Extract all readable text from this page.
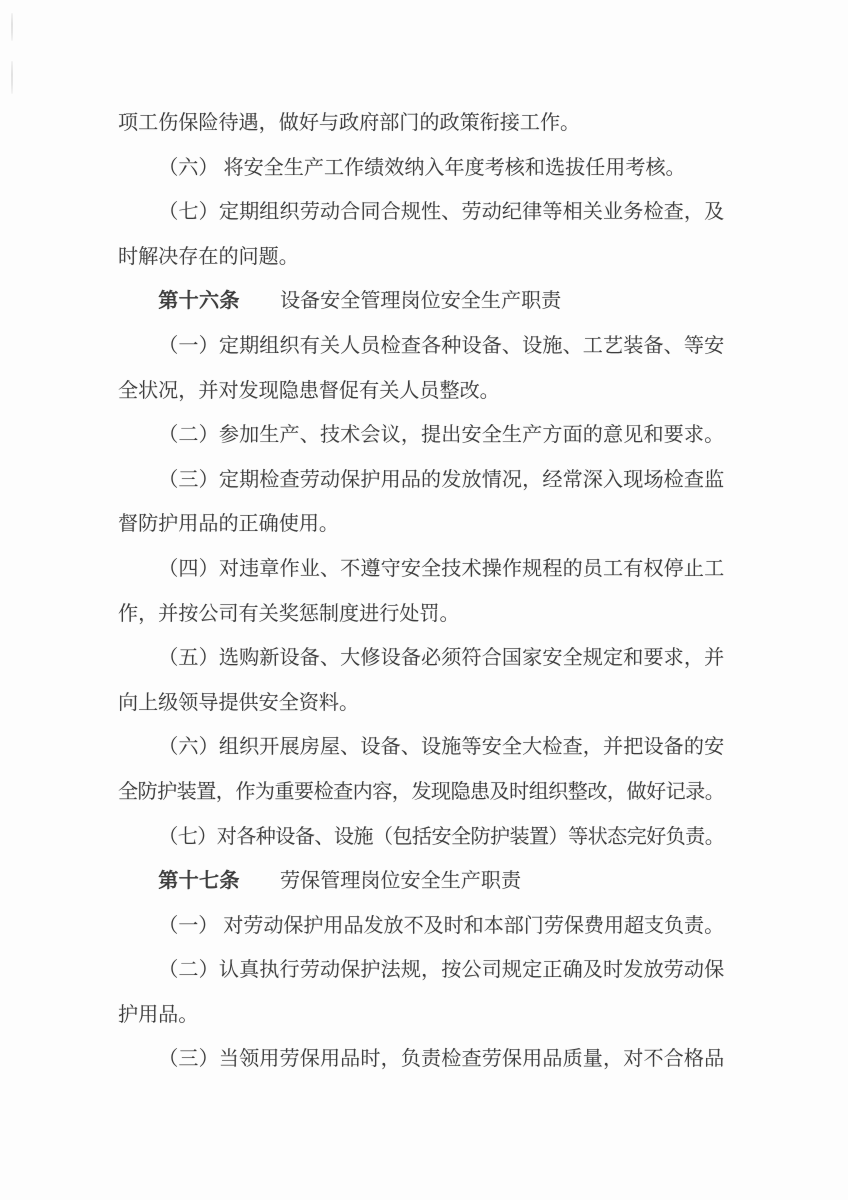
项工伤保险待遇，做好与政府部门的政策衔接工作。
（六） 将安全生产工作绩效纳入年度考核和选拔任用考核。
（七）定期组织劳动合同合规性、劳动纪律等相关业务检查，及
时解决存在的问题。
第十六条 设备安全管理岗位安全生产职责
（一）定期组织有关人员检查各种设备、设施、工艺装备、等安
全状况，并对发现隐患督促有关人员整改。
（二）参加生产、技术会议，提出安全生产方面的意见和要求。
（三）定期检查劳动保护用品的发放情况，经常深入现场检查监
督防护用品的正确使用。
（四）对违章作业、不遵守安全技术操作规程的员工有权停止工
作，并按公司有关奖惩制度进行处罚。
（五）选购新设备、大修设备必须符合国家安全规定和要求，并
向上级领导提供安全资料。
（六）组织开展房屋、设备、设施等安全大检查，并把设备的安
全防护装置，作为重要检查内容，发现隐患及时组织整改，做好记录。
（七）对各种设备、设施（包括安全防护装置）等状态完好负责。
第十七条 劳保管理岗位安全生产职责
（一） 对劳动保护用品发放不及时和本部门劳保费用超支负责。
（二）认真执行劳动保护法规，按公司规定正确及时发放劳动保
护用品。
（三）当领用劳保用品时，负责检查劳保用品质量，对不合格品
